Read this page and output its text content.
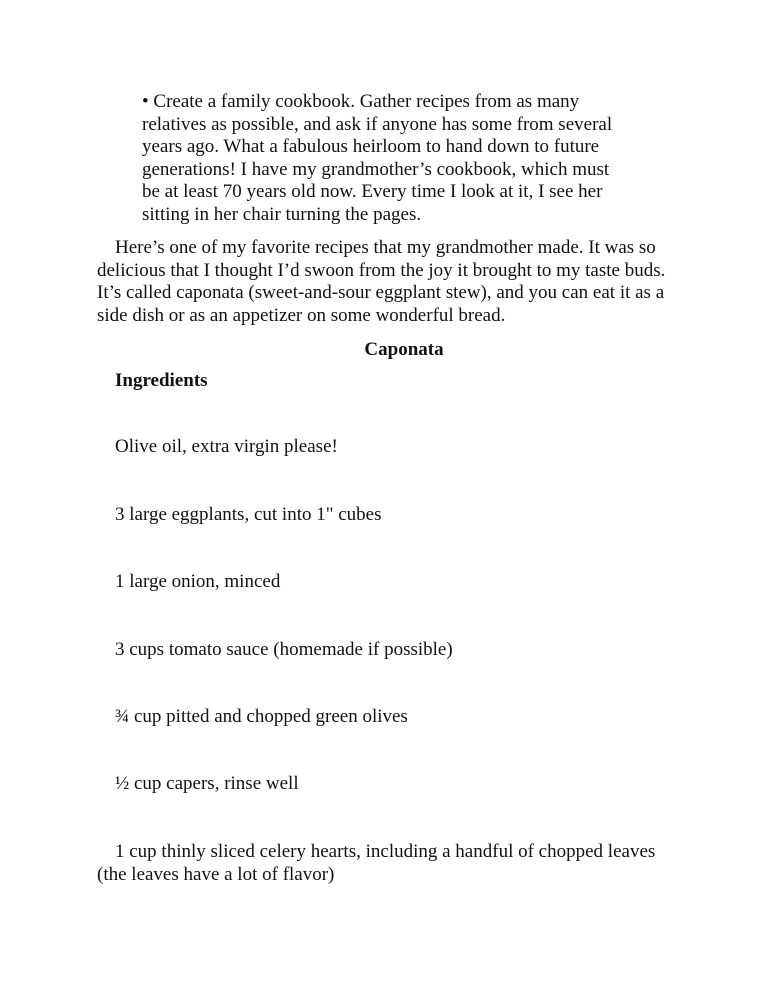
• Create a family cookbook. Gather recipes from as many relatives as possible, and ask if anyone has some from several years ago. What a fabulous heirloom to hand down to future generations! I have my grandmother’s cookbook, which must be at least 70 years old now. Every time I look at it, I see her sitting in her chair turning the pages.
Here’s one of my favorite recipes that my grandmother made. It was so delicious that I thought I’d swoon from the joy it brought to my taste buds. It’s called caponata (sweet-and-sour eggplant stew), and you can eat it as a side dish or as an appetizer on some wonderful bread.
Caponata
Ingredients
Olive oil, extra virgin please!
3 large eggplants, cut into 1" cubes
1 large onion, minced
3 cups tomato sauce (homemade if possible)
¾ cup pitted and chopped green olives
½ cup capers, rinse well
1 cup thinly sliced celery hearts, including a handful of chopped leaves (the leaves have a lot of flavor)
